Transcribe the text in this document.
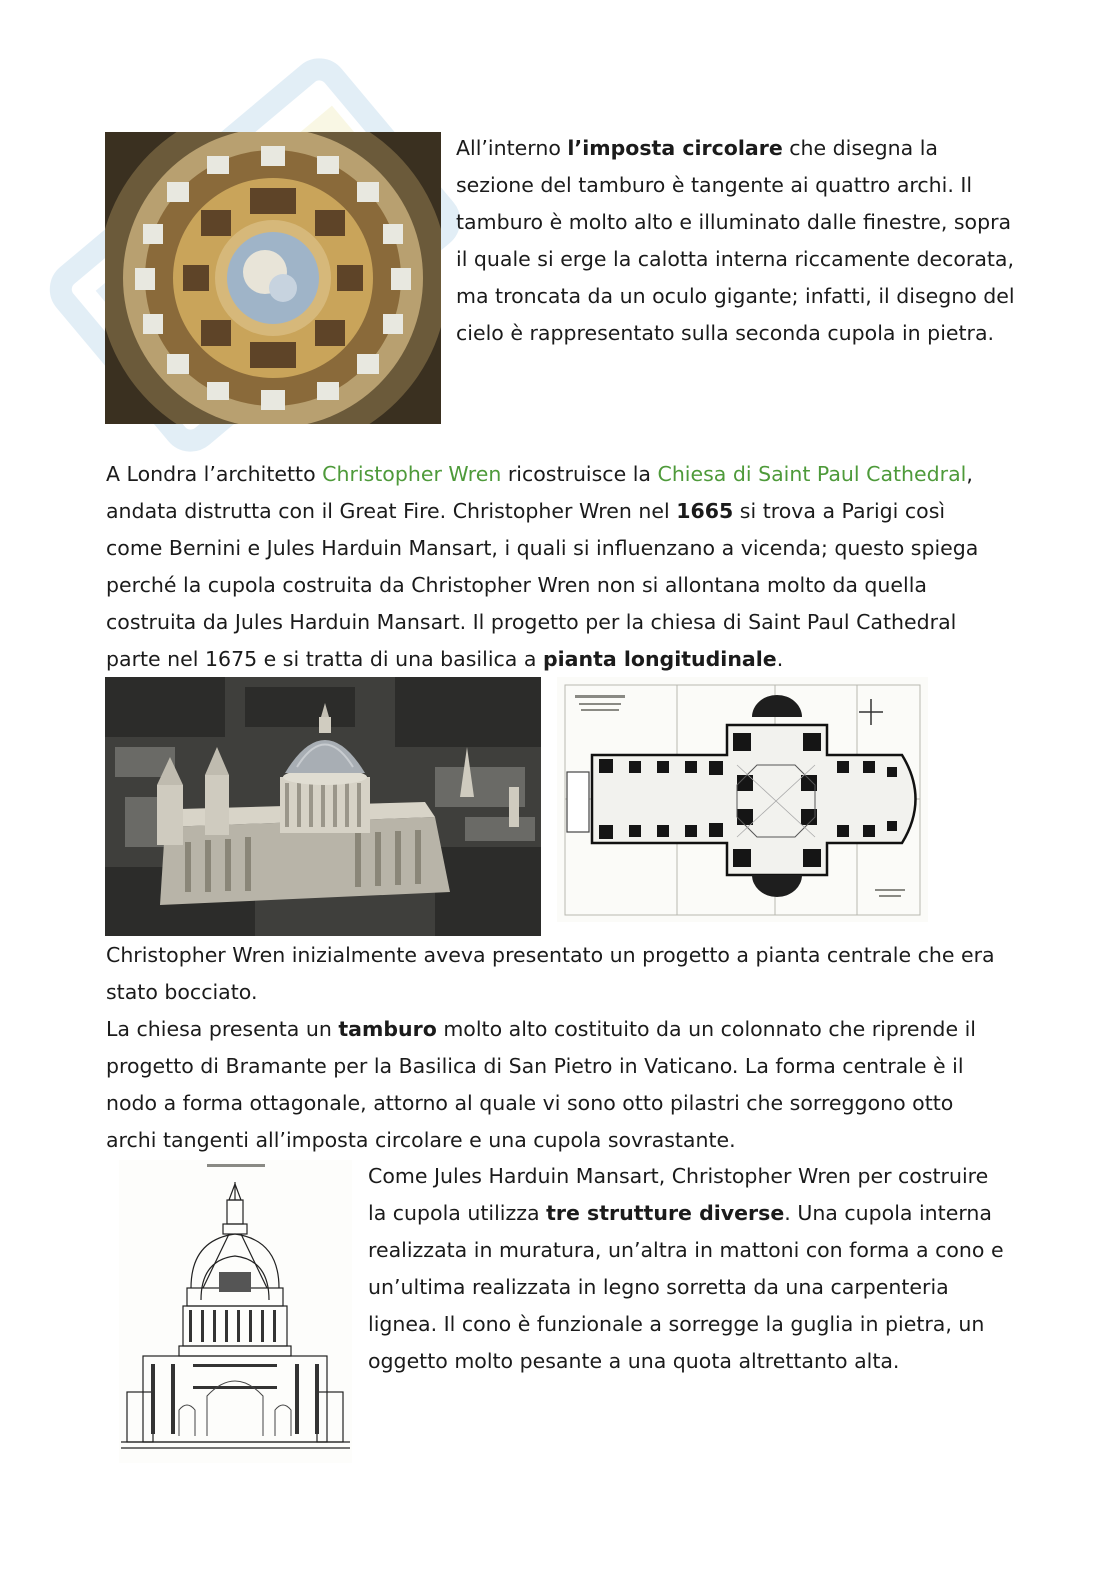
All’interno l’imposta circolare che disegna la sezione del tamburo è tangente ai quattro archi. Il tamburo è molto alto e illuminato dalle finestre, sopra il quale si erge la calotta interna riccamente decorata, ma troncata da un oculo gigante; infatti, il disegno del cielo è rappresentato sulla seconda cupola in pietra.

A Londra l’architetto Christopher Wren ricostruisce la Chiesa di Saint Paul Cathedral, andata distrutta con il Great Fire. Christopher Wren nel 1665 si trova a Parigi così come Bernini e Jules Harduin Mansart, i quali si influenzano a vicenda; questo spiega perché la cupola costruita da Christopher Wren non si allontana molto da quella costruita da Jules Harduin Mansart. Il progetto per la chiesa di Saint Paul Cathedral parte nel 1675 e si tratta di una basilica a pianta longitudinale.

Christopher Wren inizialmente aveva presentato un progetto a pianta centrale che era stato bocciato.

La chiesa presenta un tamburo molto alto costituito da un colonnato che riprende il progetto di Bramante per la Basilica di San Pietro in Vaticano. La forma centrale è il nodo a forma ottagonale, attorno al quale vi sono otto pilastri che sorreggono otto archi tangenti all’imposta circolare e una cupola sovrastante.

Come Jules Harduin Mansart, Christopher Wren per costruire la cupola utilizza tre strutture diverse. Una cupola interna realizzata in muratura, un’altra in mattoni con forma a cono e un’ultima realizzata in legno sorretta da una carpenteria lignea. Il cono è funzionale a sorregge la guglia in pietra, un oggetto molto pesante a una quota altrettanto alta.
